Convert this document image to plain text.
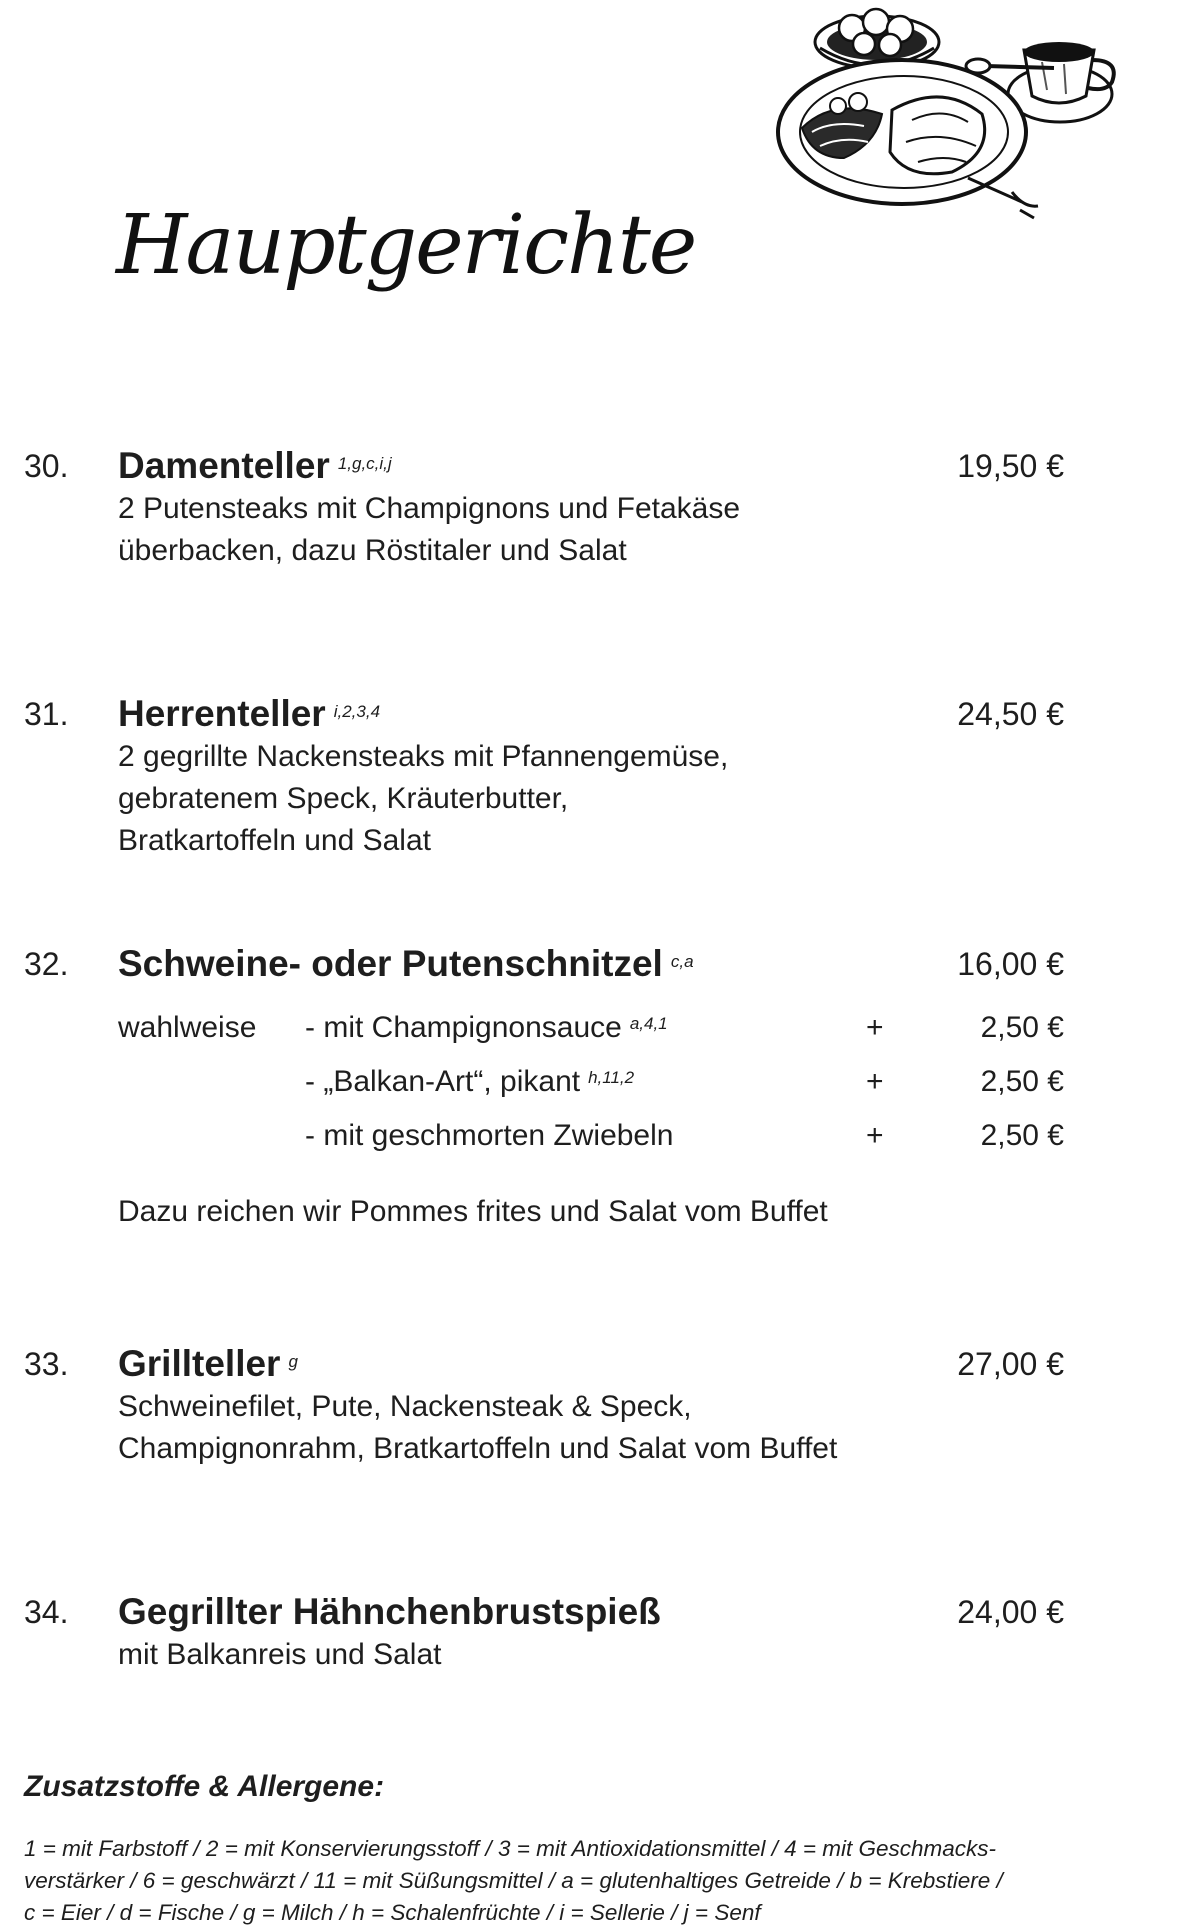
Hauptgerichte
30. Damenteller $^{1,g,c,i,j}$	19,50 €
2 Putensteaks mit Champignons und Fetakäse
überbacken, dazu Röstitaler und Salat
31. Herrenteller $^{i,2,3,4}$	24,50 €
2 gegrillte Nackensteaks mit Pfannengemüse,
gebratenem Speck, Kräuterbutter,
Bratkartoffeln und Salat
32. Schweine- oder Putenschnitzel $^{c,a}$	16,00 €
wahlweise - mit Champignonsauce $^{a,4,1}$	+	2,50 €
- „Balkan-Art“, pikant $^{h,11,2}$	+	2,50 €
- mit geschmorten Zwiebeln	+	2,50 €
Dazu reichen wir Pommes frites und Salat vom Buffet
33. Grillteller $^g$	27,00 €
Schweinefilet, Pute, Nackensteak & Speck,
Champignonrahm, Bratkartoffeln und Salat vom Buffet
34. Gegrillter Hähnchenbrustspieß	24,00 €
mit Balkanreis und Salat
Zusatzstoffe & Allergene:
1 = mit Farbstoff / 2 = mit Konservierungsstoff / 3 = mit Antioxidationsmittel / 4 = mit Geschmacks-
verstärker / 6 = geschwärzt / 11 = mit Süßungsmittel / a = glutenhaltiges Getreide / b = Krebstiere /
c = Eier / d = Fische / g = Milch / h = Schalenfrüchte / i = Sellerie / j = Senf
